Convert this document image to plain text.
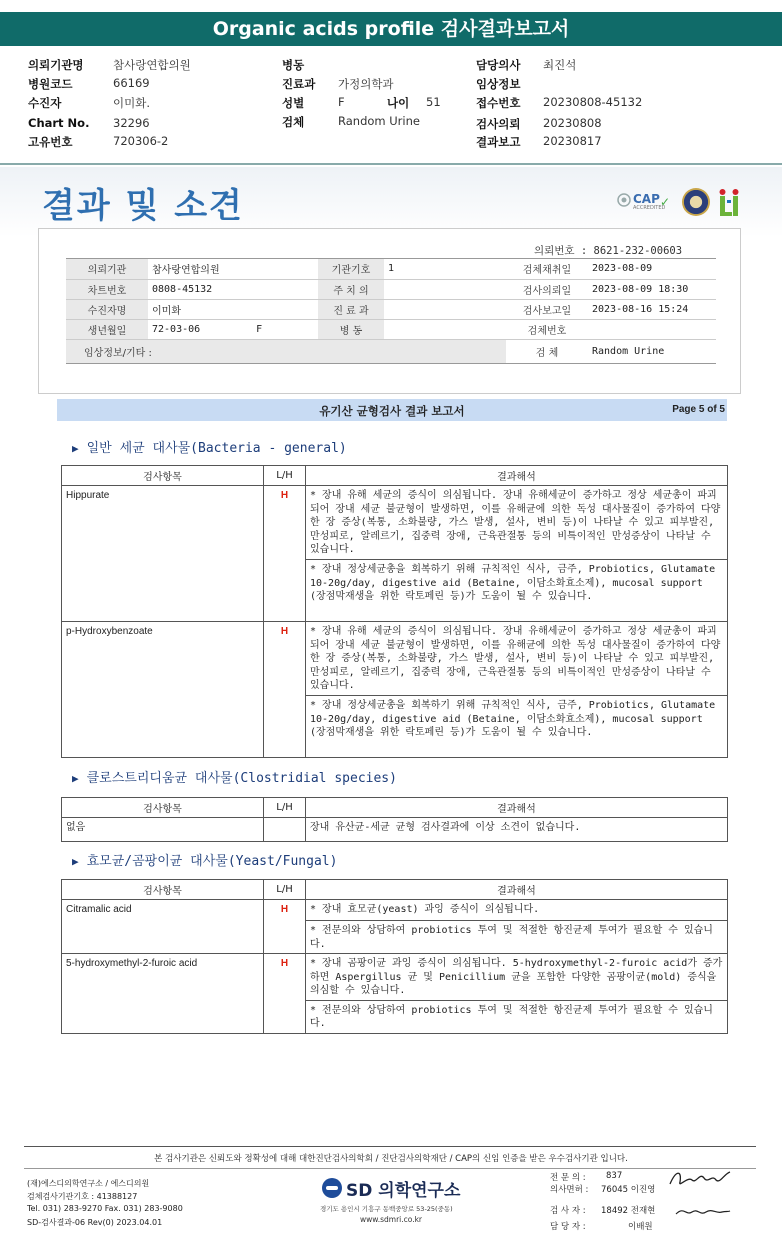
Organic acids profile 검사결과보고서
의뢰기관명	참사랑연합의원
병원코드	66169
수진자	이미화.
Chart No. 32296
고유번호	720306-2
병동
진료과 가정의학과
성별	F	나이 51
검체	Random Urine
담당의사 최진석
임상정보
접수번호 20230808-45132
검사의뢰 20230808
결과보고 20230817
결과 및 소견	CAP ✓
ACCREDITED
의뢰번호 : 8621-232-00603
의뢰기관	참사랑연합의원	기관기호	1	검체채취일	2023-08-09
차트번호	0808-45132	주 치 의		검사의뢰일	2023-08-09 18:30
수진자명	이미화	진 료 과		검사보고일	2023-08-16 15:24
생년월일	72-03-06 F	병 동		검체번호	
임상정보/기타 :				검 체	Random Urine
유기산 균형검사 결과 보고서	Page 5 of 5
▶ 일반 세균 대사물(Bacteria - general)
검사항목	L/H	결과해석
Hippurate	H	* 장내 유해 세균의 증식이 의심됩니다. 장내 유해세균이 증가하고 정상 세균총이 파괴되어 장내 세균 불균형이 발생하면, 이를 유해균에 의한 독성 대사물질이 증가하여 다양한 장 증상(복통, 소화불량, 가스 발생, 설사, 변비 등)이 나타날 수 있고 피부발진, 만성피로, 알레르기, 집중력 장애, 근육관절통 등의 비특이적인 만성증상이 나타날 수 있습니다.
		* 장내 정상세균총을 회복하기 위해 규칙적인 식사, 금주, Probiotics, Glutamate 10-20g/day, digestive aid (Betaine, 이담소화효소제), mucosal support (장점막재생을 위한 락토페린 등)가 도움이 될 수 있습니다.
p-Hydroxybenzoate	H	* 장내 유해 세균의 증식이 의심됩니다. 장내 유해세균이 증가하고 정상 세균총이 파괴되어 장내 세균 불균형이 발생하면, 이를 유해균에 의한 독성 대사물질이 증가하여 다양한 장 증상(복통, 소화불량, 가스 발생, 설사, 변비 등)이 나타날 수 있고 피부발진, 만성피로, 알레르기, 집중력 장애, 근육관절통 등의 비특이적인 만성증상이 나타날 수 있습니다.
		* 장내 정상세균총을 회복하기 위해 규칙적인 식사, 금주, Probiotics, Glutamate 10-20g/day, digestive aid (Betaine, 이담소화효소제), mucosal support (장점막재생을 위한 락토페린 등)가 도움이 될 수 있습니다.
▶ 클로스트리디움균 대사물(Clostridial species)
검사항목	L/H	결과해석
없음		장내 유산균-세균 균형 검사결과에 이상 소견이 없습니다.
▶ 효모균/곰팡이균 대사물(Yeast/Fungal)
검사항목	L/H	결과해석
Citramalic acid	H	* 장내 효모균(yeast) 과잉 증식이 의심됩니다.
		* 전문의와 상담하여 probiotics 투여 및 적절한 항진균제 투여가 필요할 수 있습니다.
5-hydroxymethyl-2-furoic acid	H	* 장내 곰팡이균 과잉 증식이 의심됩니다. 5-hydroxymethyl-2-furoic acid가 증가하면 Aspergillus 균 및 Penicillium 균을 포함한 다양한 곰팡이균(mold) 증식을 의심할 수 있습니다.
		* 전문의와 상담하여 probiotics 투여 및 적절한 항진균제 투여가 필요할 수 있습니다.
본 검사기관은 신뢰도와 정확성에 대해 대한진단검사의학회 / 진단검사의학재단 / CAP의 신임 인증을 받은 우수검사기관 입니다.
(재)에스디의학연구소 / 에스디의원
검체검사기관기호 : 41388127
Tel. 031) 283-9270 Fax. 031) 283-9080
SD-검사결과-06 Rev(0) 2023.04.01
SD 의학연구소
경기도 용인시 기흥구 동백중앙로 53-25(중동)
www.sdmri.co.kr
전 문 의 : 837
의사면허 : 76045 이진영
검 사 자 : 18492 전재현
담 당 자 :	이배원
